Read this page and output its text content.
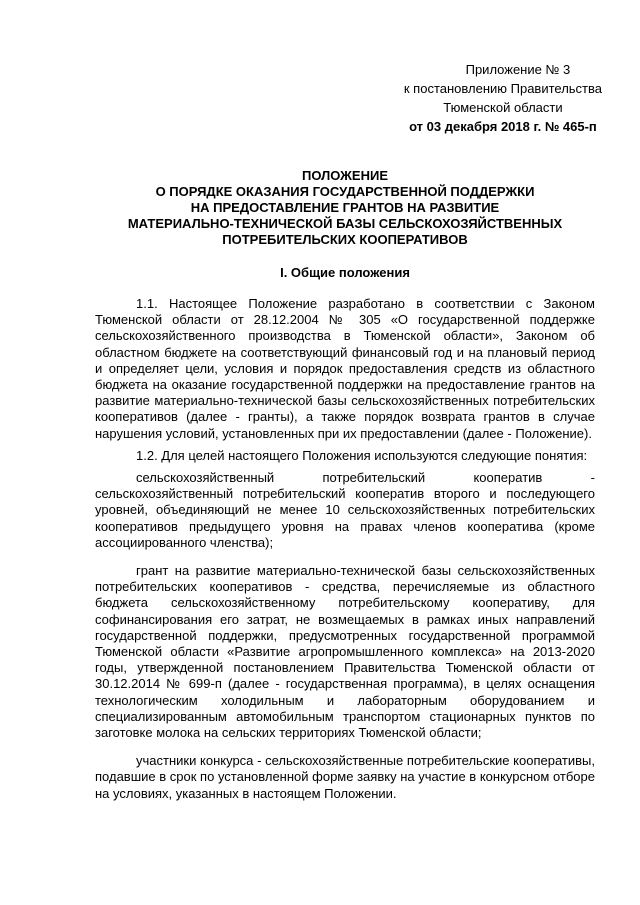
Приложение № 3
к постановлению Правительства
Тюменской области
от 03 декабря 2018 г. № 465-п
ПОЛОЖЕНИЕ
О ПОРЯДКЕ ОКАЗАНИЯ ГОСУДАРСТВЕННОЙ ПОДДЕРЖКИ
НА ПРЕДОСТАВЛЕНИЕ ГРАНТОВ НА РАЗВИТИЕ
МАТЕРИАЛЬНО-ТЕХНИЧЕСКОЙ БАЗЫ СЕЛЬСКОХОЗЯЙСТВЕННЫХ
ПОТРЕБИТЕЛЬСКИХ КООПЕРАТИВОВ
I. Общие положения

1.1. Настоящее Положение разработано в соответствии с Законом Тюменской области от 28.12.2004 № 305 «О государственной поддержке сельскохозяйственного производства в Тюменской области», Законом об областном бюджете на соответствующий финансовый год и на плановый период и определяет цели, условия и порядок предоставления средств из областного бюджета на оказание государственной поддержки на предоставление грантов на развитие материально-технической базы сельскохозяйственных потребительских кооперативов (далее - гранты), а также порядок возврата грантов в случае нарушения условий, установленных при их предоставлении (далее - Положение).

1.2. Для целей настоящего Положения используются следующие понятия:

сельскохозяйственный потребительский кооператив - сельскохозяйственный потребительский кооператив второго и последующего уровней, объединяющий не менее 10 сельскохозяйственных потребительских кооперативов предыдущего уровня на правах членов кооператива (кроме ассоциированного членства);

грант на развитие материально-технической базы сельскохозяйственных потребительских кооперативов - средства, перечисляемые из областного бюджета сельскохозяйственному потребительскому кооперативу, для софинансирования его затрат, не возмещаемых в рамках иных направлений государственной поддержки, предусмотренных государственной программой Тюменской области «Развитие агропромышленного комплекса» на 2013-2020 годы, утвержденной постановлением Правительства Тюменской области от 30.12.2014 № 699-п (далее - государственная программа), в целях оснащения технологическим холодильным и лабораторным оборудованием и специализированным автомобильным транспортом стационарных пунктов по заготовке молока на сельских территориях Тюменской области;

участники конкурса - сельскохозяйственные потребительские кооперативы, подавшие в срок по установленной форме заявку на участие в конкурсном отборе на условиях, указанных в настоящем Положении.
